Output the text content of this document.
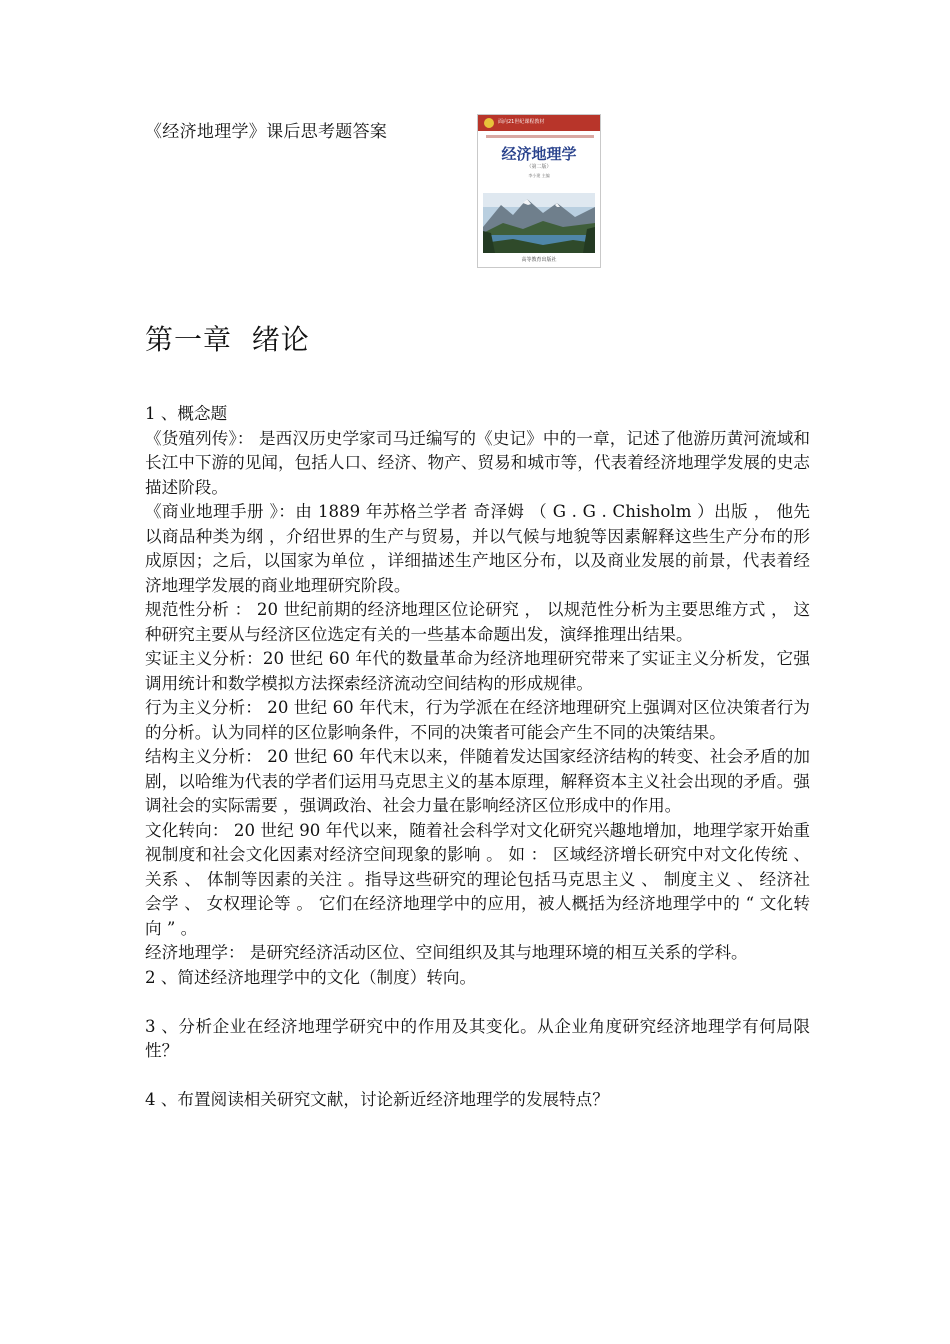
《经济地理学》课后思考题答案	面向21世纪课程教材
经济地理学
（第二版）
李小建 主编
高等教育出版社
第一章  绪论

1 、概念题

《货殖列传》： 是西汉历史学家司马迁编写的《史记》中的一章，记述了他游历黄河流域和长江中下游的见闻，包括人口、经济、物产、贸易和城市等，代表着经济地理学发展的史志描述阶段。

《商业地理手册 》：由 1889 年苏格兰学者 奇泽姆 （ G . G . Chisholm ）出版 ， 他先以商品种类为纲 ，介绍世界的生产与贸易，并以气候与地貌等因素解释这些生产分布的形成原因；之后，以国家为单位 ，详细描述生产地区分布，以及商业发展的前景，代表着经济地理学发展的商业地理研究阶段。

规范性分析 ： 20 世纪前期的经济地理区位论研究 ， 以规范性分析为主要思维方式 ， 这种研究主要从与经济区位选定有关的一些基本命题出发，演绎推理出结果。

实证主义分析：20 世纪 60 年代的数量革命为经济地理研究带来了实证主义分析发，它强调用统计和数学模拟方法探索经济流动空间结构的形成规律。

行为主义分析： 20 世纪 60 年代末，行为学派在在经济地理研究上强调对区位决策者行为的分析。认为同样的区位影响条件，不同的决策者可能会产生不同的决策结果。

结构主义分析： 20 世纪 60 年代末以来，伴随着发达国家经济结构的转变、社会矛盾的加剧，以哈维为代表的学者们运用马克思主义的基本原理，解释资本主义社会出现的矛盾。强调社会的实际需要 ，强调政治、社会力量在影响经济区位形成中的作用。

文化转向： 20 世纪 90 年代以来，随着社会科学对文化研究兴趣地增加，地理学家开始重视制度和社会文化因素对经济空间现象的影响 。 如 ： 区域经济增长研究中对文化传统 、 关系 、 体制等因素的关注 。指导这些研究的理论包括马克思主义 、 制度主义 、 经济社会学 、 女权理论等 。 它们在经济地理学中的应用，被人概括为经济地理学中的 “ 文化转向 ” 。

经济地理学： 是研究经济活动区位、空间组织及其与地理环境的相互关系的学科。

2 、简述经济地理学中的文化（制度）转向。

3 、分析企业在经济地理学研究中的作用及其变化。从企业角度研究经济地理学有何局限性？

4 、布置阅读相关研究文献，讨论新近经济地理学的发展特点？
